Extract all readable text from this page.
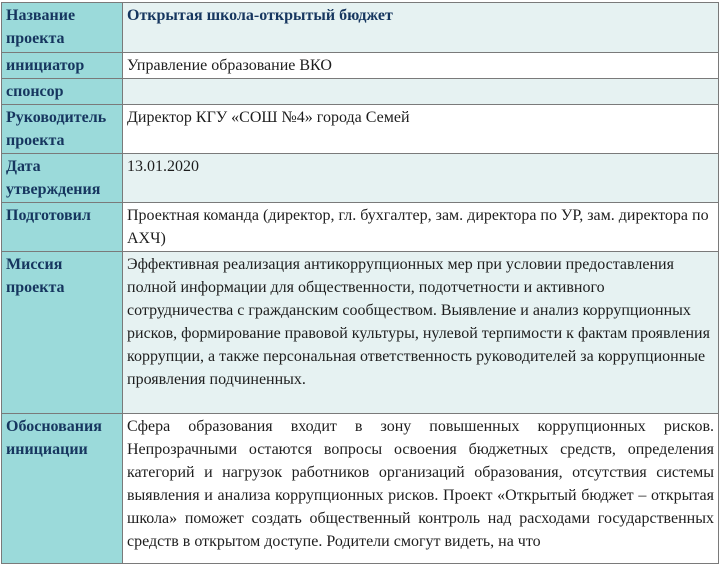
Название проекта	Открытая школа-открытый бюджет
инициатор	Управление образование ВКО
спонсор	
Руководитель проекта	Директор КГУ «СОШ №4» города Семей
Дата утверждения	13.01.2020
Подготовил	Проектная команда (директор, гл. бухгалтер, зам. директора по УР, зам. директора по АХЧ)
Миссия проекта	Эффективная реализация антикоррупционных мер при условии предоставления полной информации для общественности, подотчетности и активного сотрудничества с гражданским сообществом. Выявление и анализ коррупционных рисков, формирование правовой культуры, нулевой терпимости к фактам проявления коррупции, а также персональная ответственность руководителей за коррупционные проявления подчиненных.
Обоснования инициации	Сфера образования входит в зону повышенных коррупционных рисков. Непрозрачными остаются вопросы освоения бюджетных средств, определения категорий и нагрузок работников организаций образования, отсутствия системы выявления и анализа коррупционных рисков. Проект «Открытый бюджет – открытая школа» поможет создать общественный контроль над расходами государственных средств в открытом доступе. Родители смогут видеть, на что
